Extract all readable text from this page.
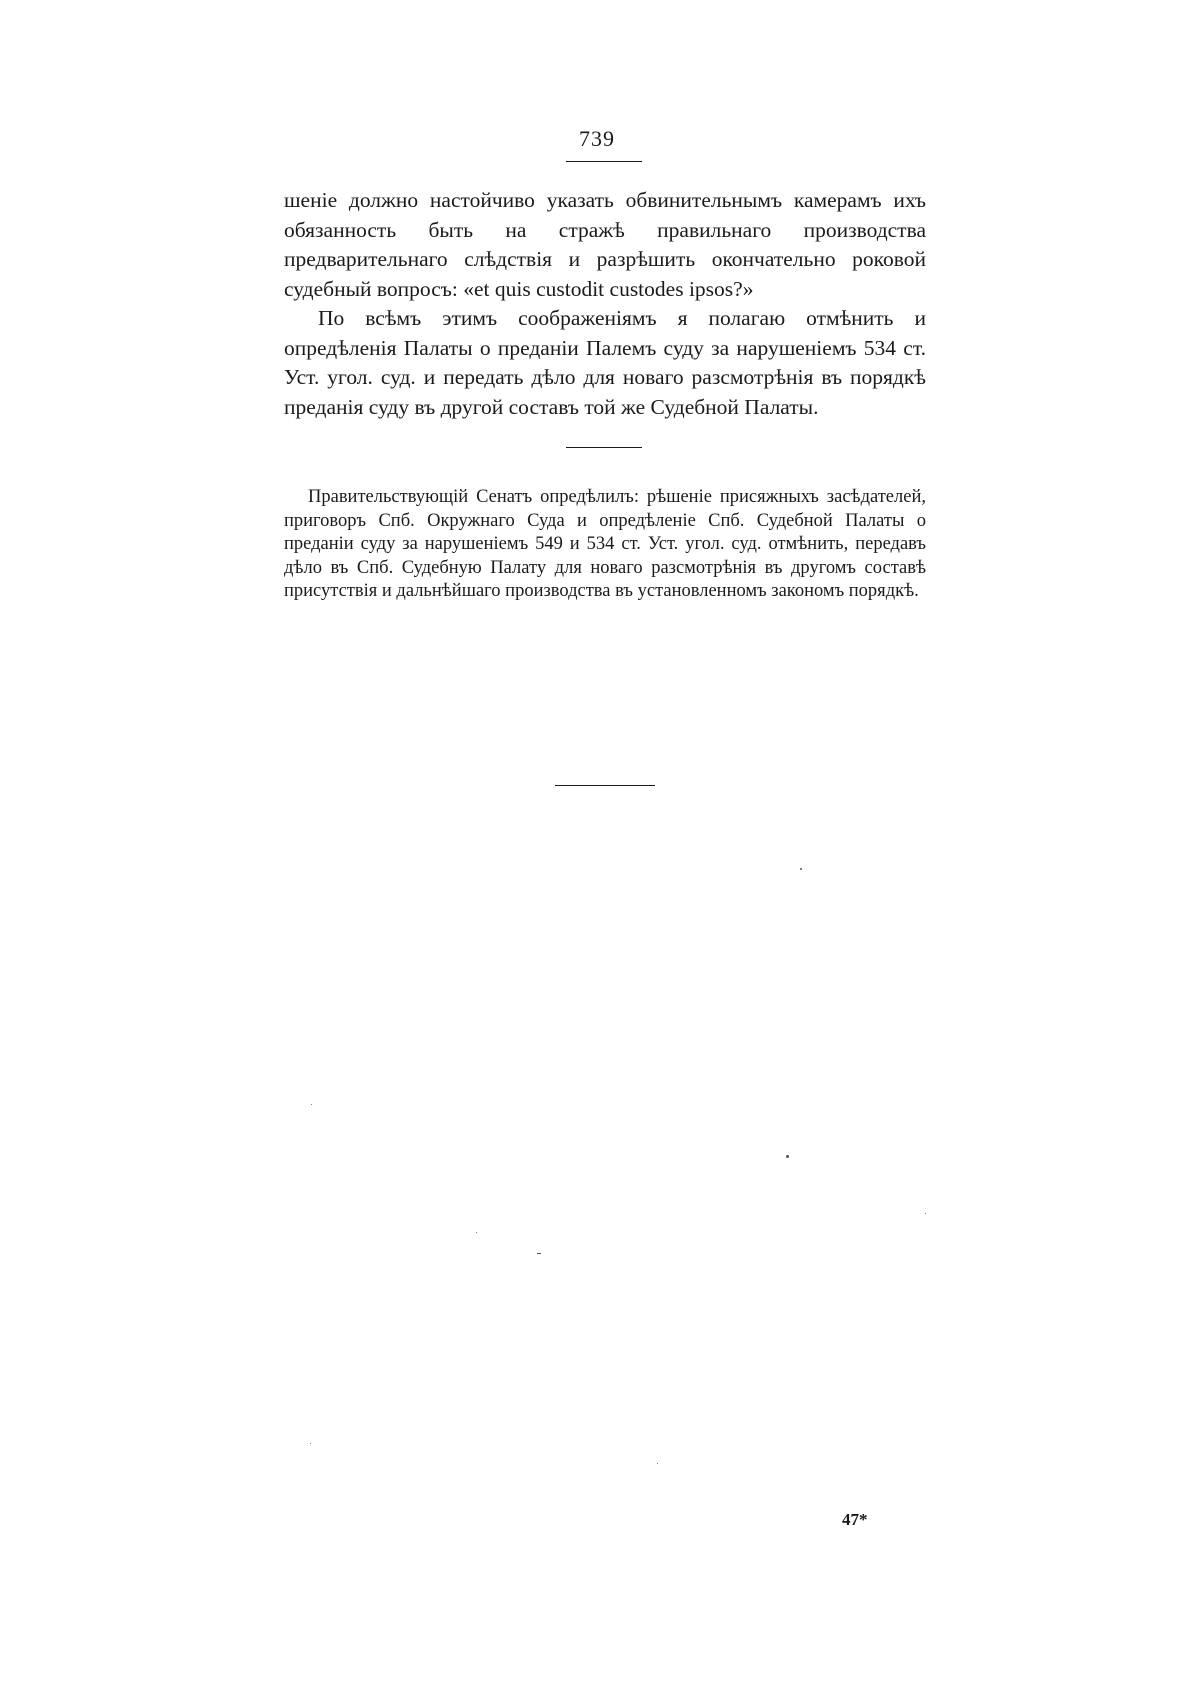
739

шеніе должно настойчиво указать обвинительнымъ камерамъ ихъ обязанность быть на стражѣ правильнаго производства предварительнаго слѣдствія и разрѣшить окончательно роковой судебный вопросъ: «et quis custodit custodes ipsos?»

По всѣмъ этимъ соображеніямъ я полагаю отмѣнить и опредѣленія Палаты о преданіи Палемъ суду за нарушеніемъ 534 ст. Уст. угол. суд. и передать дѣло для новаго разсмотрѣнія въ порядкѣ преданія суду въ другой составъ той же Судебной Палаты.

Правительствующій Сенатъ опредѣлилъ: рѣшеніе присяжныхъ засѣдателей, приговоръ Спб. Окружнаго Суда и опредѣленіе Спб. Судебной Палаты о преданіи суду за нарушеніемъ 549 и 534 ст. Уст. угол. суд. отмѣнить, передавъ дѣло въ Спб. Судебную Палату для новаго разсмотрѣнія въ другомъ составѣ присутствія и дальнѣйшаго производства въ установленномъ закономъ порядкѣ.

47*
